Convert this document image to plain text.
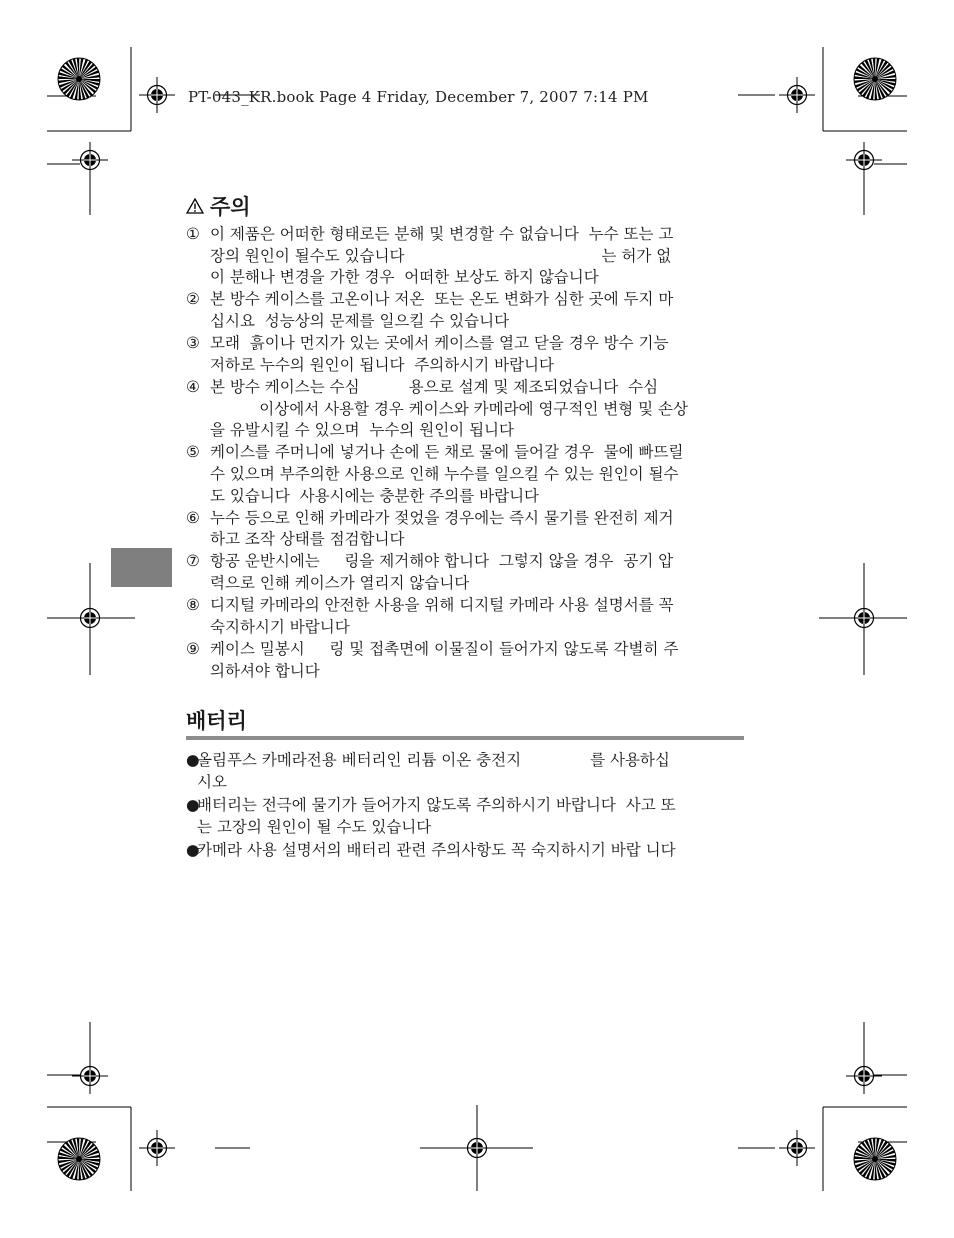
PT-043_KR.book Page 4 Friday, December 7, 2007 7:14 PM
주의
① 이 제품은 어떠한 형태로든 분해 및 변경할 수 없습니다  누수 또는 고
장의 원인이 될수도 있습니다                                        는 허가 없
이 분해나 변경을 가한 경우  어떠한 보상도 하지 않습니다
② 본 방수 케이스를 고온이나 저온  또는 온도 변화가 심한 곳에 두지 마
십시요  성능상의 문제를 일으킬 수 있습니다
③ 모래  흙이나 먼지가 있는 곳에서 케이스를 열고 닫을 경우 방수 기능
저하로 누수의 원인이 됩니다  주의하시기 바랍니다
④ 본 방수 케이스는 수심          용으로 설계 및 제조되었습니다  수심
이상에서 사용할 경우 케이스와 카메라에 영구적인 변형 및 손상
을 유발시킬 수 있으며  누수의 원인이 됩니다
⑤ 케이스를 주머니에 넣거나 손에 든 채로 물에 들어갈 경우  물에 빠뜨릴
수 있으며 부주의한 사용으로 인해 누수를 일으킬 수 있는 원인이 될수
도 있습니다  사용시에는 충분한 주의를 바랍니다
⑥ 누수 등으로 인해 카메라가 젖었을 경우에는 즉시 물기를 완전히 제거
하고 조작 상태를 점검합니다
⑦ 항공 운반시에는     링을 제거해야 합니다  그렇지 않을 경우  공기 압
력으로 인해 케이스가 열리지 않습니다
⑧ 디지털 카메라의 안전한 사용을 위해 디지털 카메라 사용 설명서를 꼭
숙지하시기 바랍니다
⑨ 케이스 밀봉시     링 및 접촉면에 이물질이 들어가지 않도록 각별히 주
의하셔야 합니다
배터리
●
올림푸스 카메라전용 베터리인 리튬 이온 충전지              를 사용하십
시오
●
배터리는 전극에 물기가 들어가지 않도록 주의하시기 바랍니다  사고 또
는 고장의 원인이 될 수도 있습니다
●
카메라 사용 설명서의 배터리 관련 주의사항도 꼭 숙지하시기 바랍 니다
